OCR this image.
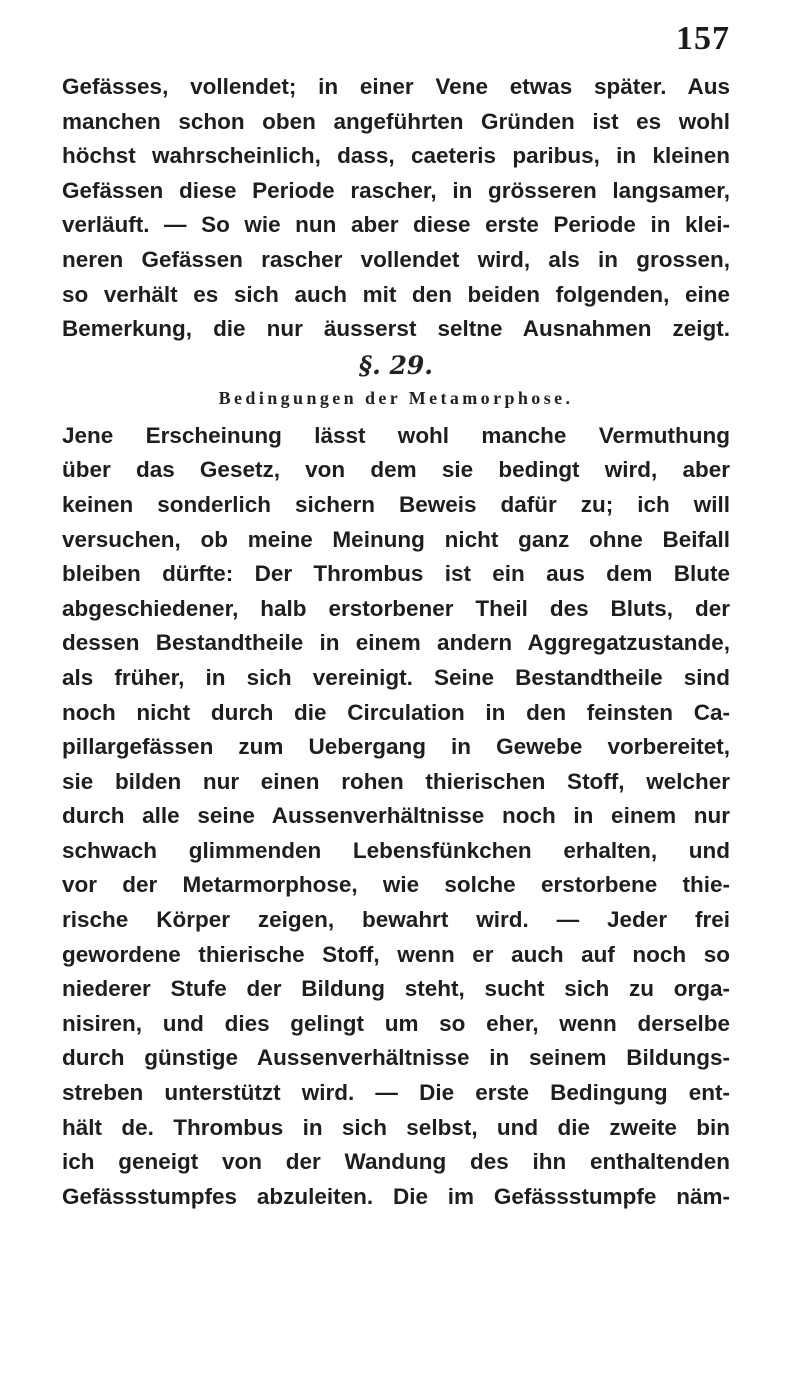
157
Gefässes, vollendet; in einer Vene etwas später. Aus
manchen schon oben angeführten Gründen ist es wohl
höchst wahrscheinlich, dass, caeteris paribus, in kleinen
Gefässen diese Periode rascher, in grösseren langsamer,
verläuft. — So wie nun aber diese erste Periode in klei-
neren Gefässen rascher vollendet wird, als in grossen,
so verhält es sich auch mit den beiden folgenden, eine
Bemerkung, die nur äusserst seltne Ausnahmen zeigt.
§. 29.
Bedingungen der Metamorphose.
Jene Erscheinung lässt wohl manche Vermuthung
über das Gesetz, von dem sie bedingt wird, aber
keinen sonderlich sichern Beweis dafür zu; ich will
versuchen, ob meine Meinung nicht ganz ohne Beifall
bleiben dürfte: Der Thrombus ist ein aus dem Blute
abgeschiedener, halb erstorbener Theil des Bluts, der
dessen Bestandtheile in einem andern Aggregatzustande,
als früher, in sich vereinigt. Seine Bestandtheile sind
noch nicht durch die Circulation in den feinsten Ca-
pillargefässen zum Uebergang in Gewebe vorbereitet,
sie bilden nur einen rohen thierischen Stoff, welcher
durch alle seine Aussenverhältnisse noch in einem nur
schwach glimmenden Lebensfünkchen erhalten, und
vor der Metarmorphose, wie solche erstorbene thie-
rische Körper zeigen, bewahrt wird. — Jeder frei
gewordene thierische Stoff, wenn er auch auf noch so
niederer Stufe der Bildung steht, sucht sich zu orga-
nisiren, und dies gelingt um so eher, wenn derselbe
durch günstige Aussenverhältnisse in seinem Bildungs-
streben unterstützt wird. — Die erste Bedingung ent-
hält de. Thrombus in sich selbst, und die zweite bin
ich geneigt von der Wandung des ihn enthaltenden
Gefässstumpfes abzuleiten. Die im Gefässstumpfe näm-
